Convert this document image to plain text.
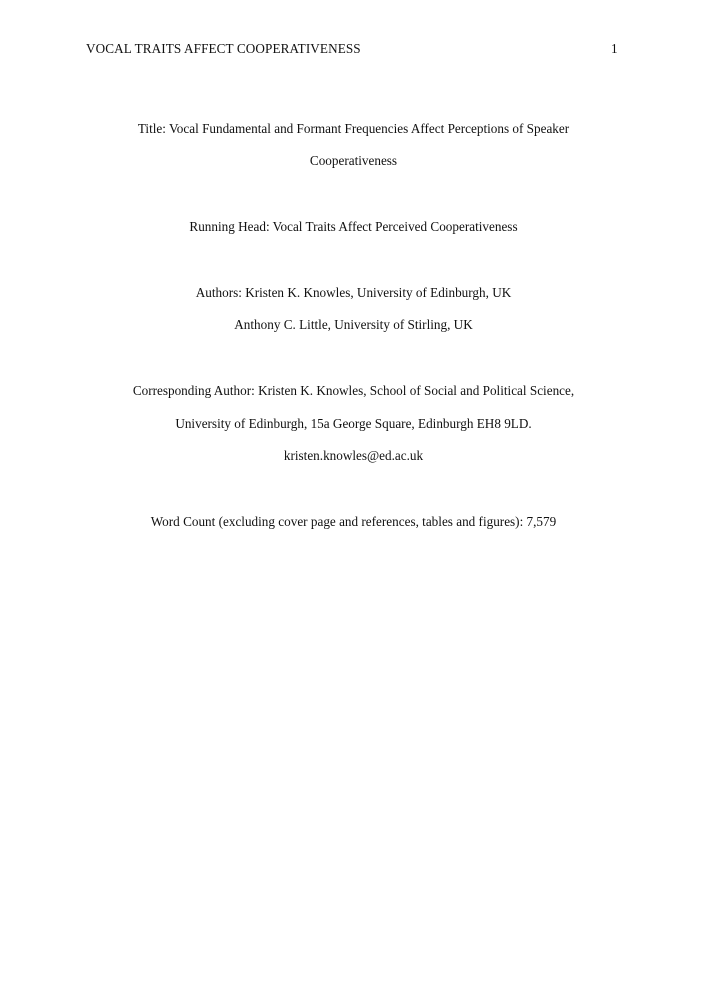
VOCAL TRAITS AFFECT COOPERATIVENESS	1
Title: Vocal Fundamental and Formant Frequencies Affect Perceptions of Speaker
Cooperativeness
Running Head: Vocal Traits Affect Perceived Cooperativeness
Authors: Kristen K. Knowles, University of Edinburgh, UK
Anthony C. Little, University of Stirling, UK
Corresponding Author: Kristen K. Knowles, School of Social and Political Science,
University of Edinburgh, 15a George Square, Edinburgh EH8 9LD.
kristen.knowles@ed.ac.uk
Word Count (excluding cover page and references, tables and figures): 7,579
